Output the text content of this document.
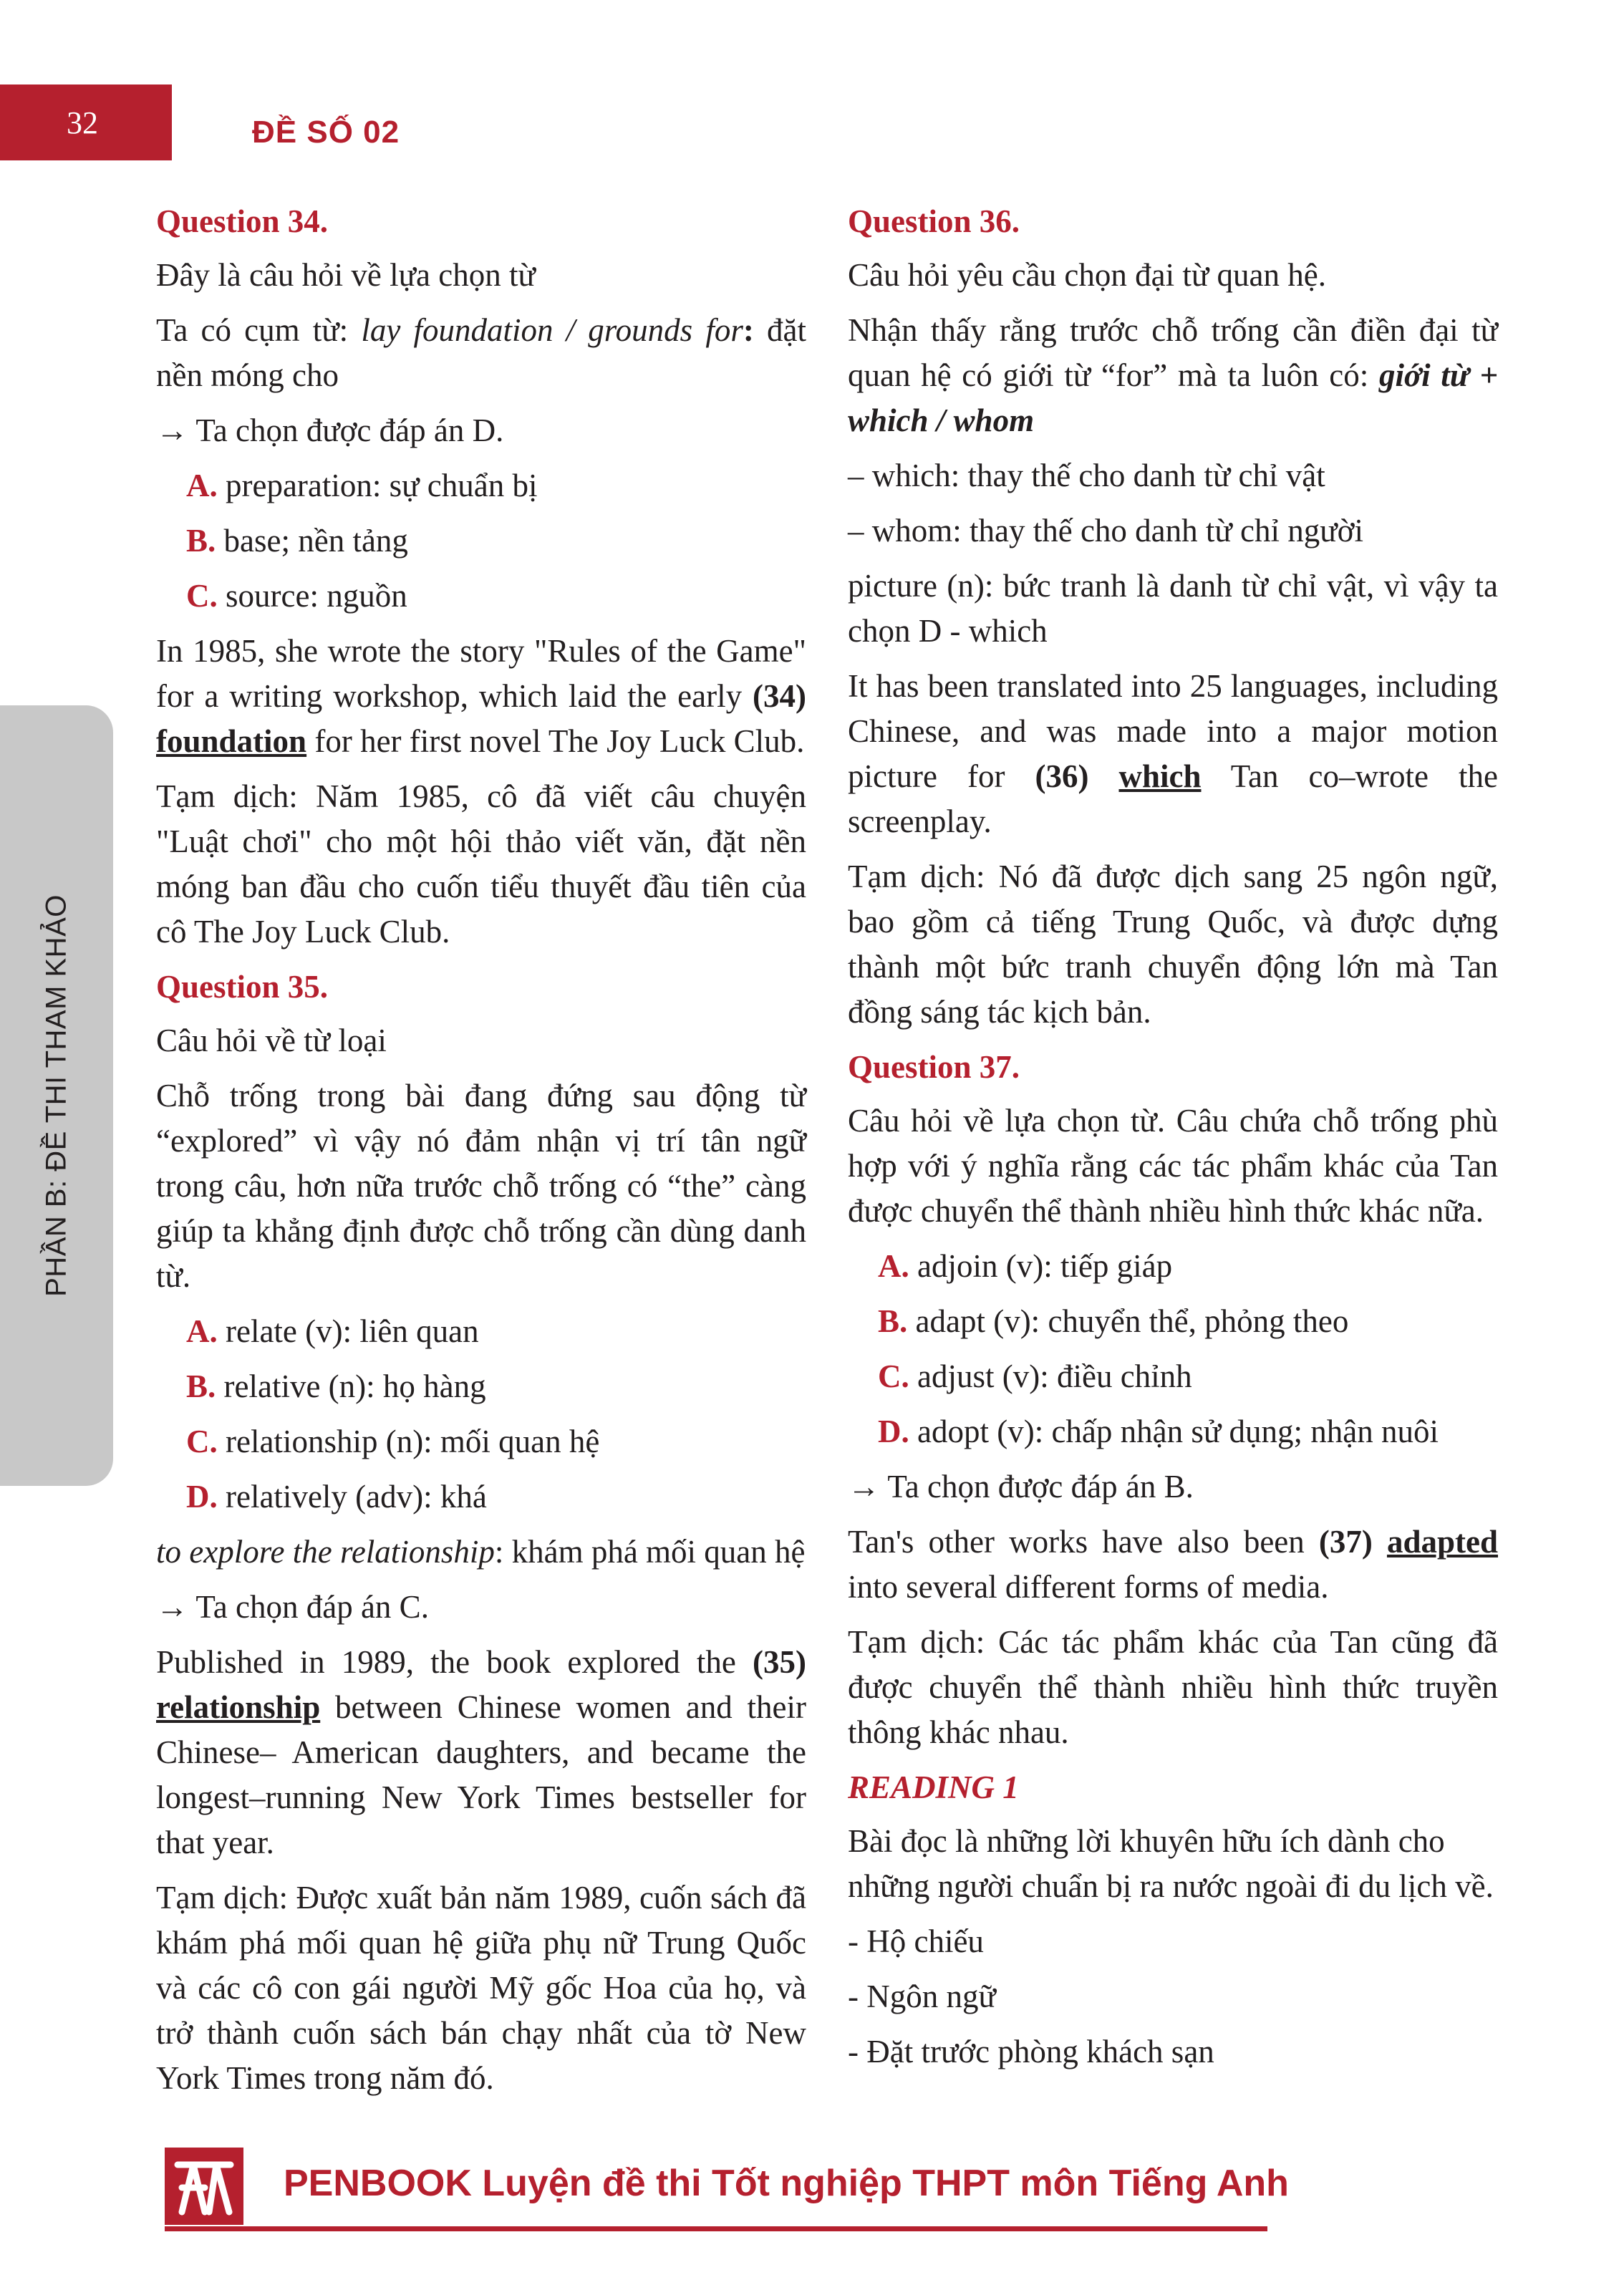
32	ĐỀ SỐ 02
PHẦN B: ĐỀ THI THAM KHẢO

Question 34.

Đây là câu hỏi về lựa chọn từ

Ta có cụm từ: lay foundation / grounds for: đặt nền móng cho

→ Ta chọn được đáp án D.

A. preparation: sự chuẩn bị

B. base; nền tảng

C. source: nguồn

In 1985, she wrote the story "Rules of the Game" for a writing workshop, which laid the early (34) foundation for her first novel The Joy Luck Club.

Tạm dịch: Năm 1985, cô đã viết câu chuyện "Luật chơi" cho một hội thảo viết văn, đặt nền móng ban đầu cho cuốn tiểu thuyết đầu tiên của cô The Joy Luck Club.

Question 35.

Câu hỏi về từ loại

Chỗ trống trong bài đang đứng sau động từ “explored” vì vậy nó đảm nhận vị trí tân ngữ trong câu, hơn nữa trước chỗ trống có “the” càng giúp ta khẳng định được chỗ trống cần dùng danh từ.

A. relate (v): liên quan

B. relative (n): họ hàng

C. relationship (n): mối quan hệ

D. relatively (adv): khá

to explore the relationship: khám phá mối quan hệ

→ Ta chọn đáp án C.

Published in 1989, the book explored the (35) relationship between Chinese women and their Chinese– American daughters, and became the longest–running New York Times bestseller for that year.

Tạm dịch: Được xuất bản năm 1989, cuốn sách đã khám phá mối quan hệ giữa phụ nữ Trung Quốc và các cô con gái người Mỹ gốc Hoa của họ, và trở thành cuốn sách bán chạy nhất của tờ New York Times trong năm đó.

Question 36.

Câu hỏi yêu cầu chọn đại từ quan hệ.

Nhận thấy rằng trước chỗ trống cần điền đại từ quan hệ có giới từ “for” mà ta luôn có: giới từ + which / whom

– which: thay thế cho danh từ chỉ vật

– whom: thay thế cho danh từ chỉ người

picture (n): bức tranh là danh từ chỉ vật, vì vậy ta chọn D - which

It has been translated into 25 languages, including Chinese, and was made into a major motion picture for (36) which Tan co–wrote the screenplay.

Tạm dịch: Nó đã được dịch sang 25 ngôn ngữ, bao gồm cả tiếng Trung Quốc, và được dựng thành một bức tranh chuyển động lớn mà Tan đồng sáng tác kịch bản.

Question 37.

Câu hỏi về lựa chọn từ. Câu chứa chỗ trống phù hợp với ý nghĩa rằng các tác phẩm khác của Tan được chuyển thể thành nhiều hình thức khác nữa.

A. adjoin (v): tiếp giáp

B. adapt (v): chuyển thể, phỏng theo

C. adjust (v): điều chỉnh

D. adopt (v): chấp nhận sử dụng; nhận nuôi

→ Ta chọn được đáp án B.

Tan's other works have also been (37) adapted into several different forms of media.

Tạm dịch: Các tác phẩm khác của Tan cũng đã được chuyển thể thành nhiều hình thức truyền thông khác nhau.

READING 1

Bài đọc là những lời khuyên hữu ích dành cho những người chuẩn bị ra nước ngoài đi du lịch về.

- Hộ chiếu

- Ngôn ngữ

- Đặt trước phòng khách sạn

PENBOOK Luyện đề thi Tốt nghiệp THPT môn Tiếng Anh
